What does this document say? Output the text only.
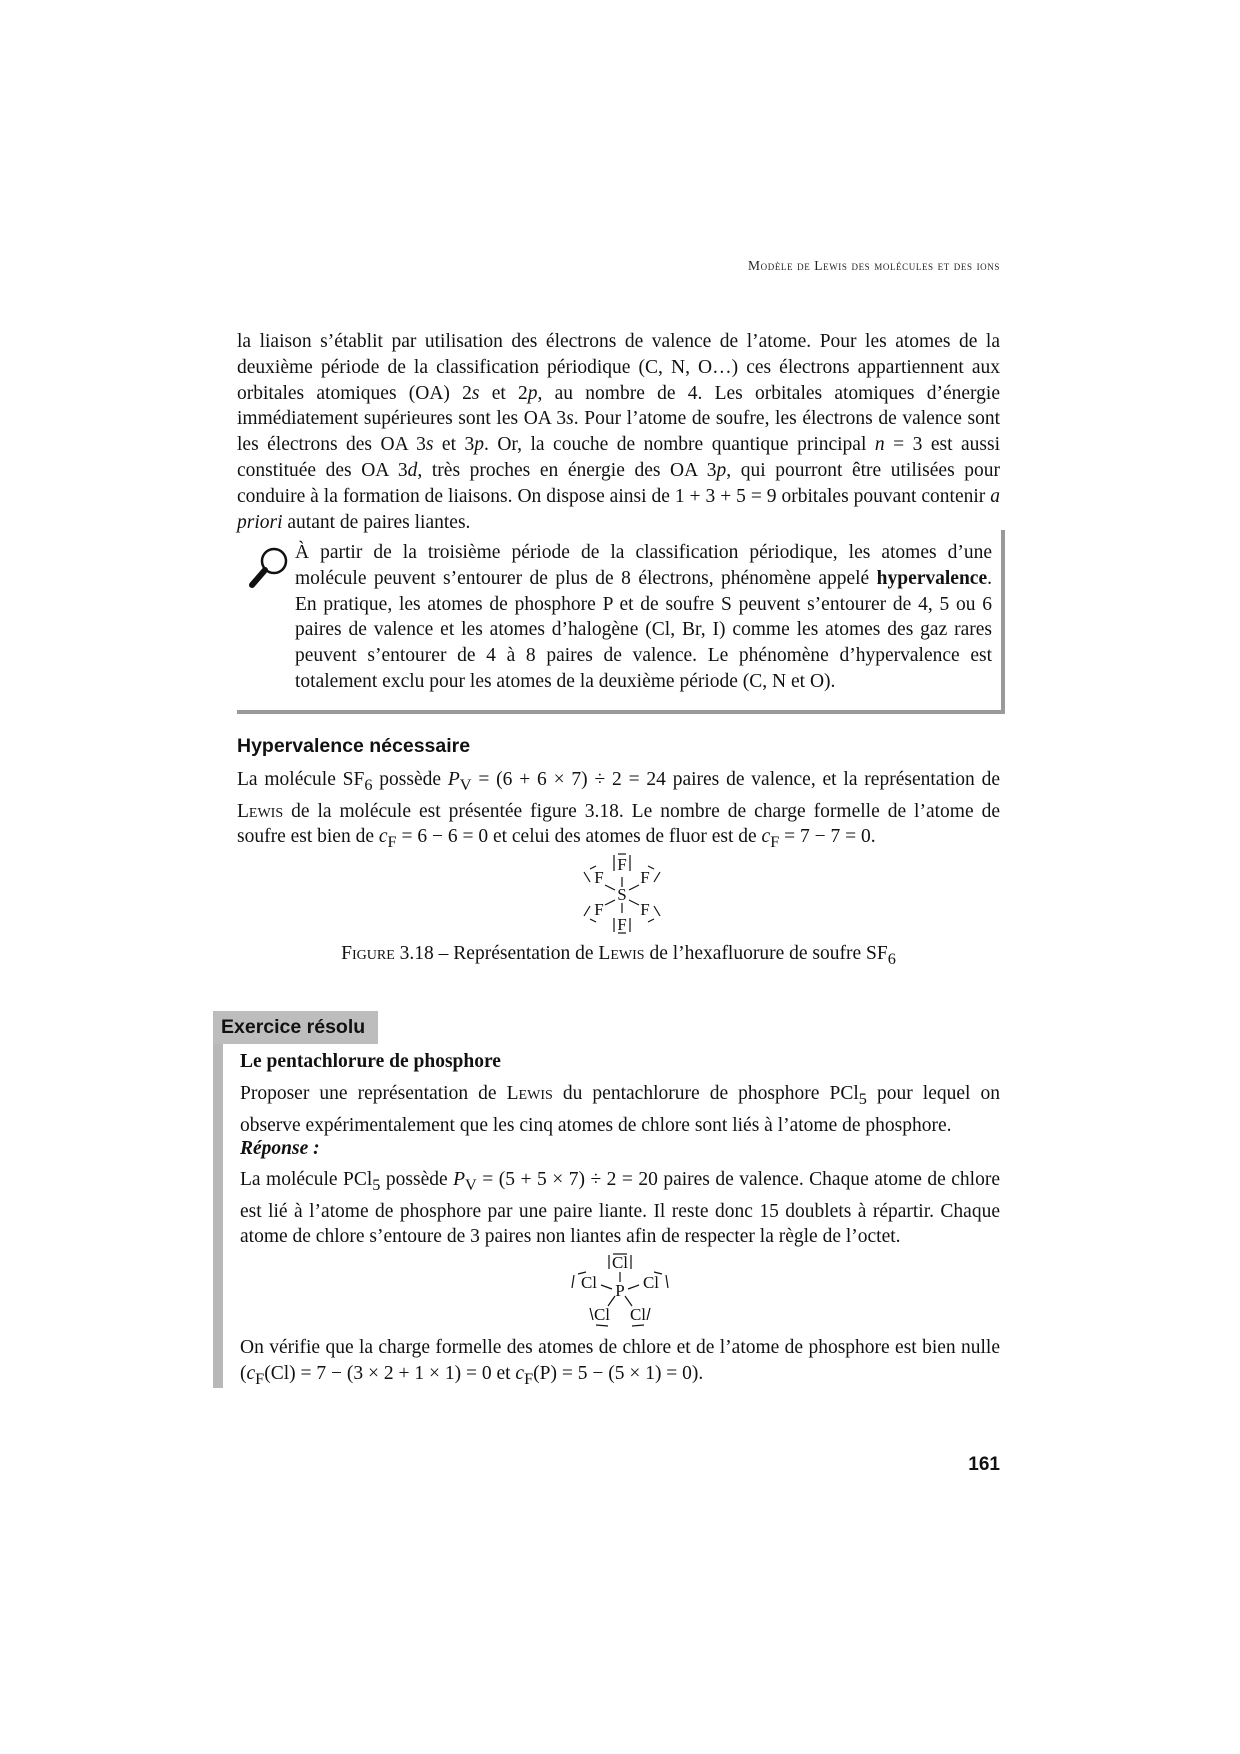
Modèle de Lewis des molécules et des ions

la liaison s’établit par utilisation des électrons de valence de l’atome. Pour les atomes de la deuxième période de la classification périodique (C, N, O…) ces électrons appartiennent aux orbitales atomiques (OA) 2s et 2p, au nombre de 4. Les orbitales atomiques d’énergie immédiatement supérieures sont les OA 3s. Pour l’atome de soufre, les électrons de valence sont les électrons des OA 3s et 3p. Or, la couche de nombre quantique principal n = 3 est aussi constituée des OA 3d, très proches en énergie des OA 3p, qui pourront être utilisées pour conduire à la formation de liaisons. On dispose ainsi de 1 + 3 + 5 = 9 orbitales pouvant contenir a priori autant de paires liantes.

À partir de la troisième période de la classification périodique, les atomes d’une molécule peuvent s’entourer de plus de 8 électrons, phénomène appelé hypervalence. En pratique, les atomes de phosphore P et de soufre S peuvent s’entourer de 4, 5 ou 6 paires de valence et les atomes d’halogène (Cl, Br, I) comme les atomes des gaz rares peuvent s’entourer de 4 à 8 paires de valence. Le phénomène d’hypervalence est totalement exclu pour les atomes de la deuxième période (C, N et O).

Hypervalence nécessaire

La molécule $SF_6$ possède $P_V = (6 + 6 \times 7) \div 2 = 24$ paires de valence, et la représentation de Lewis de la molécule est présentée figure 3.18. Le nombre de charge formelle de l’atome de soufre est bien de $c_F = 6 - 6 = 0$ et celui des atomes de fluor est de $c_F = 7 - 7 = 0$.

S
F
F
F F
F F
Figure 3.18 – Représentation de Lewis de l’hexafluorure de soufre $SF_6$
Exercice résolu
Le pentachlorure de phosphore

Proposer une représentation de Lewis du pentachlorure de phosphore PCl$_5$ pour lequel on observe expérimentalement que les cinq atomes de chlore sont liés à l’atome de phosphore.

Réponse :

La molécule PCl$_5$ possède $P_V = (5 + 5 \times 7) \div 2 = 20$ paires de valence. Chaque atome de chlore est lié à l’atome de phosphore par une paire liante. Il reste donc 15 doublets à répartir. Chaque atome de chlore s’entoure de 3 paires non liantes afin de respecter la règle de l’octet.

P
Cl
Cl	Cl
Cl Cl

On vérifie que la charge formelle des atomes de chlore et de l’atome de phosphore est bien nulle ($c_F(Cl) = 7 - (3 \times 2 + 1 \times 1) = 0$ et $c_F(P) = 5 - (5 \times 1) = 0$).

161
